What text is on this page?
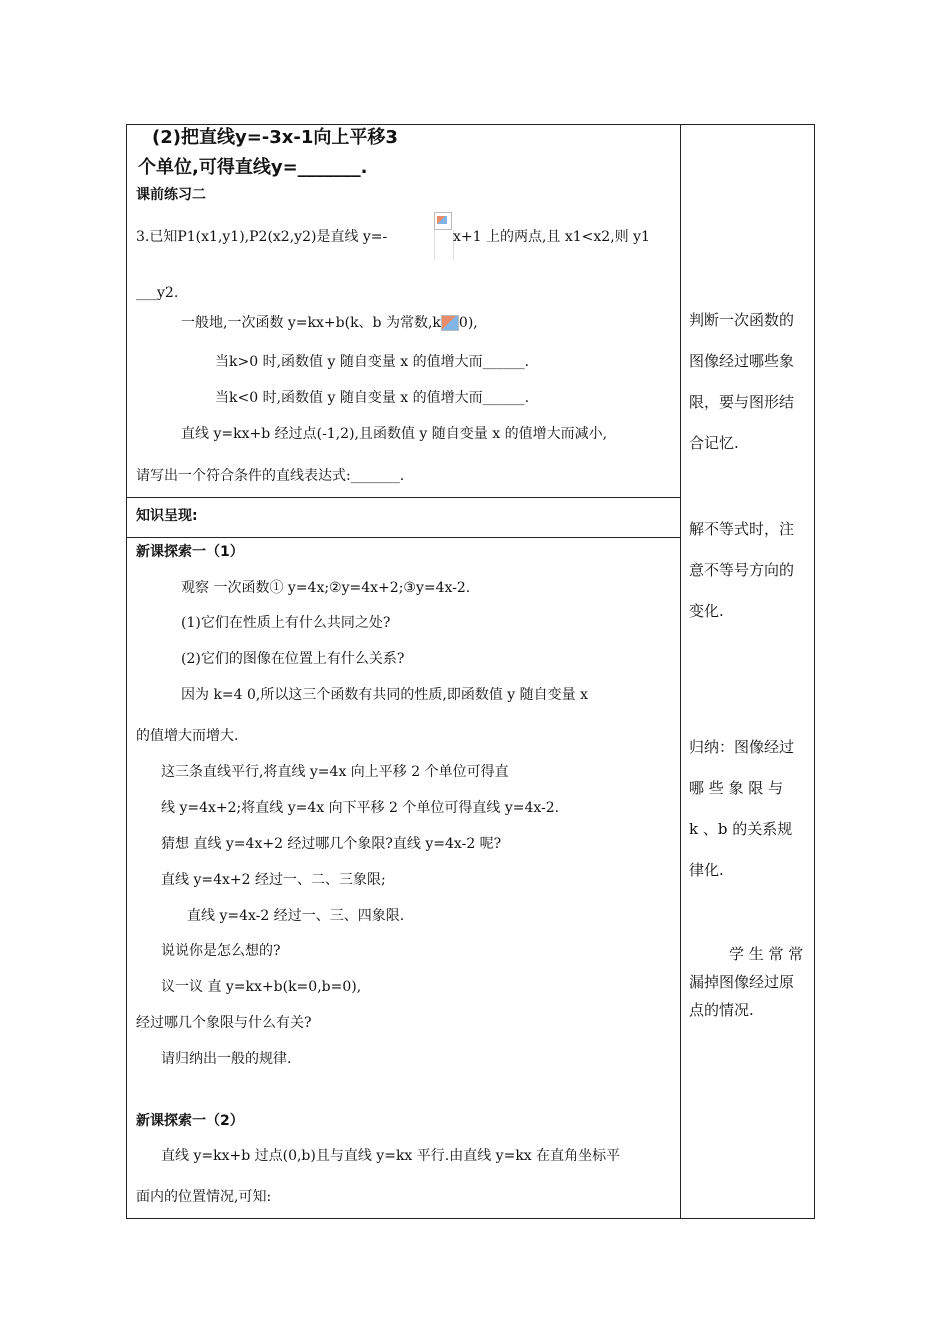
(2)把直线y=-3x-1向上平移3
个单位,可得直线y=_______.
课前练习二
3.已知P1(x1,y1),P2(x2,y2)是直线 y=-	x+1 上的两点,且 x1<x2,则 y1
___y2.
一般地,一次函数 y=kx+b(k、b 为常数,k 0),
当k>0 时,函数值 y 随自变量 x 的值增大而______.
当k<0 时,函数值 y 随自变量 x 的值增大而______.
直线 y=kx+b 经过点(-1,2),且函数值 y 随自变量 x 的值增大而减小,
请写出一个符合条件的直线表达式:_______.
知识呈现:
新课探索一（1）
观察 一次函数① y=4x;②y=4x+2;③y=4x-2.
(1)它们在性质上有什么共同之处?
(2)它们的图像在位置上有什么关系?
因为 k=4 0,所以这三个函数有共同的性质,即函数值 y 随自变量 x
的值增大而增大.
这三条直线平行,将直线 y=4x 向上平移 2 个单位可得直
线 y=4x+2;将直线 y=4x 向下平移 2 个单位可得直线 y=4x-2.
猜想 直线 y=4x+2 经过哪几个象限?直线 y=4x-2 呢?
直线 y=4x+2 经过一、二、三象限;
直线 y=4x-2 经过一、三、四象限.
说说你是怎么想的?
议一议 直 y=kx+b(k=0,b=0),
经过哪几个象限与什么有关?
请归纳出一般的规律.
新课探索一（2）
直线 y=kx+b 过点(0,b)且与直线 y=kx 平行.由直线 y=kx 在直角坐标平
面内的位置情况,可知:
判断一次函数的
图像经过哪些象
限，要与图形结
合记忆.
解不等式时，注
意不等号方向的
变化.
归纳：图像经过
哪 些 象 限 与
k 、b 的关系规
律化.
学 生 常 常
漏掉图像经过原
点的情况.
